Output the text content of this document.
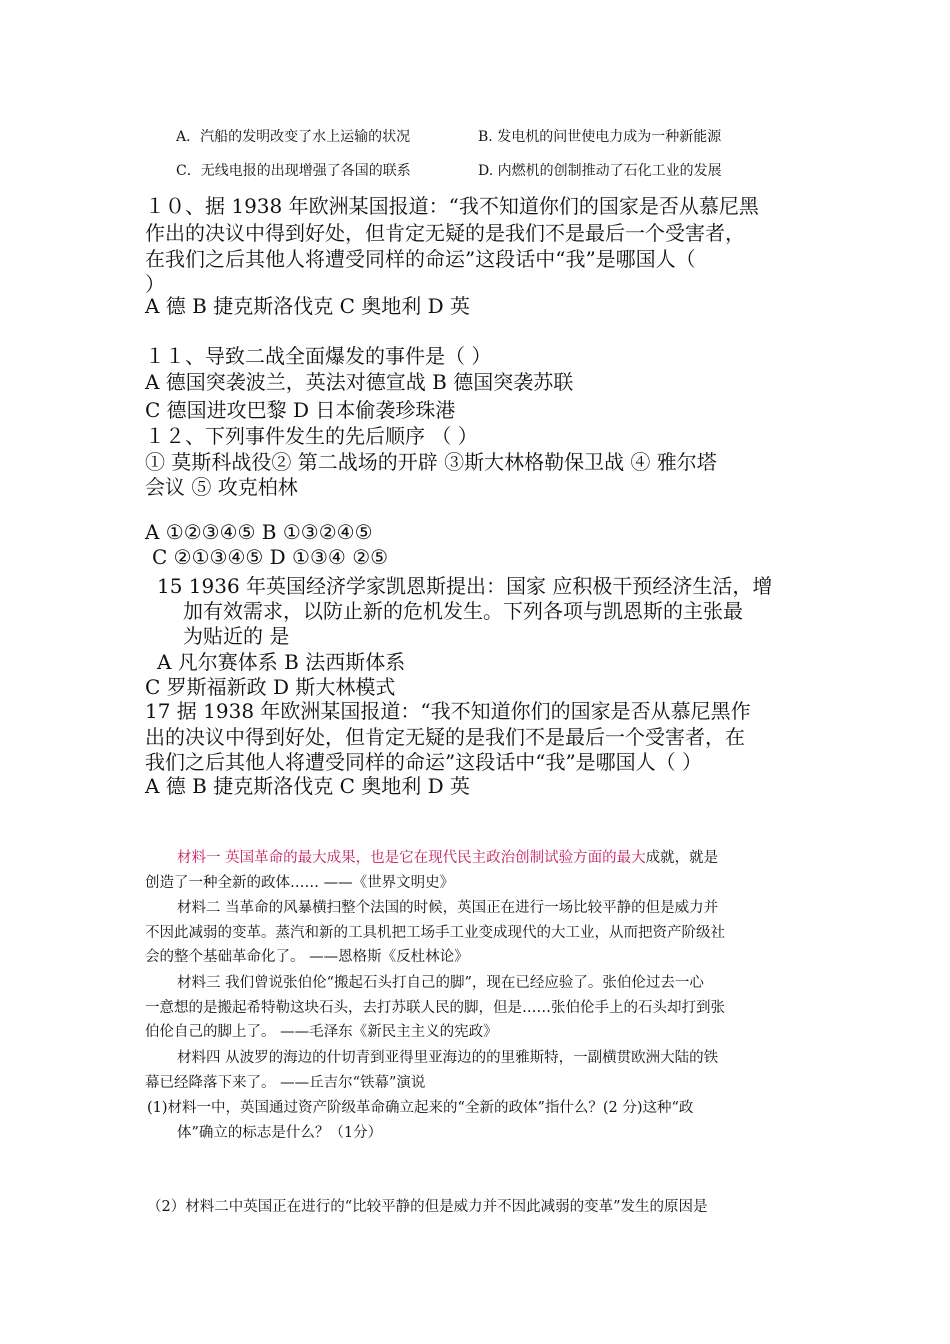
A．汽船的发明改变了水上运输的状况	B. 发电机的问世使电力成为一种新能源
C．无线电报的出现增强了各国的联系	D. 内燃机的创制推动了石化工业的发展
１０、据 1938 年欧洲某国报道：“我不知道你们的国家是否从慕尼黑
作出的决议中得到好处，但肯定无疑的是我们不是最后一个受害者，
在我们之后其他人将遭受同样的命运”这段话中“我”是哪国人（
）
A 德 B 捷克斯洛伐克 C 奥地利 D 英
１１、导致二战全面爆发的事件是（ ）
A 德国突袭波兰，英法对德宣战 B 德国突袭苏联
C 德国进攻巴黎 D 日本偷袭珍珠港
１２、下列事件发生的先后顺序 （ ）
① 莫斯科战役② 第二战场的开辟 ③斯大林格勒保卫战 ④ 雅尔塔
会议 ⑤ 攻克柏林
A ①②③④⑤ B ①③②④⑤
C ②①③④⑤ D ①③④ ②⑤
15 1936 年英国经济学家凯恩斯提出：国家 应积极干预经济生活，增
加有效需求，以防止新的危机发生。下列各项与凯恩斯的主张最
为贴近的 是
A 凡尔赛体系 B 法西斯体系
C 罗斯福新政 D 斯大林模式
17 据 1938 年欧洲某国报道：“我不知道你们的国家是否从慕尼黑作
出的决议中得到好处，但肯定无疑的是我们不是最后一个受害者，在
我们之后其他人将遭受同样的命运”这段话中“我”是哪国人（ ）
A 德 B 捷克斯洛伐克 C 奥地利 D 英
材料一 英国革命的最大成果，也是它在现代民主政治创制试验方面的最大成就，就是
创造了一种全新的政体…… ——《世界文明史》
材料二 当革命的风暴横扫整个法国的时候，英国正在进行一场比较平静的但是威力并
不因此减弱的变革。蒸汽和新的工具机把工场手工业变成现代的大工业，从而把资产阶级社
会的整个基础革命化了。 ——恩格斯《反杜林论》
材料三 我们曾说张伯伦“搬起石头打自己的脚”，现在已经应验了。张伯伦过去一心
一意想的是搬起希特勒这块石头，去打苏联人民的脚，但是……张伯伦手上的石头却打到张
伯伦自己的脚上了。 ——毛泽东《新民主主义的宪政》
材料四 从波罗的海边的什切青到亚得里亚海边的的里雅斯特，一副横贯欧洲大陆的铁
幕已经降落下来了。 ——丘吉尔“铁幕”演说
(1)材料一中，英国通过资产阶级革命确立起来的“全新的政体”指什么？(2 分)这种“政
体”确立的标志是什么？（1分）
（2）材料二中英国正在进行的“比较平静的但是威力并不因此减弱的变革”发生的原因是
